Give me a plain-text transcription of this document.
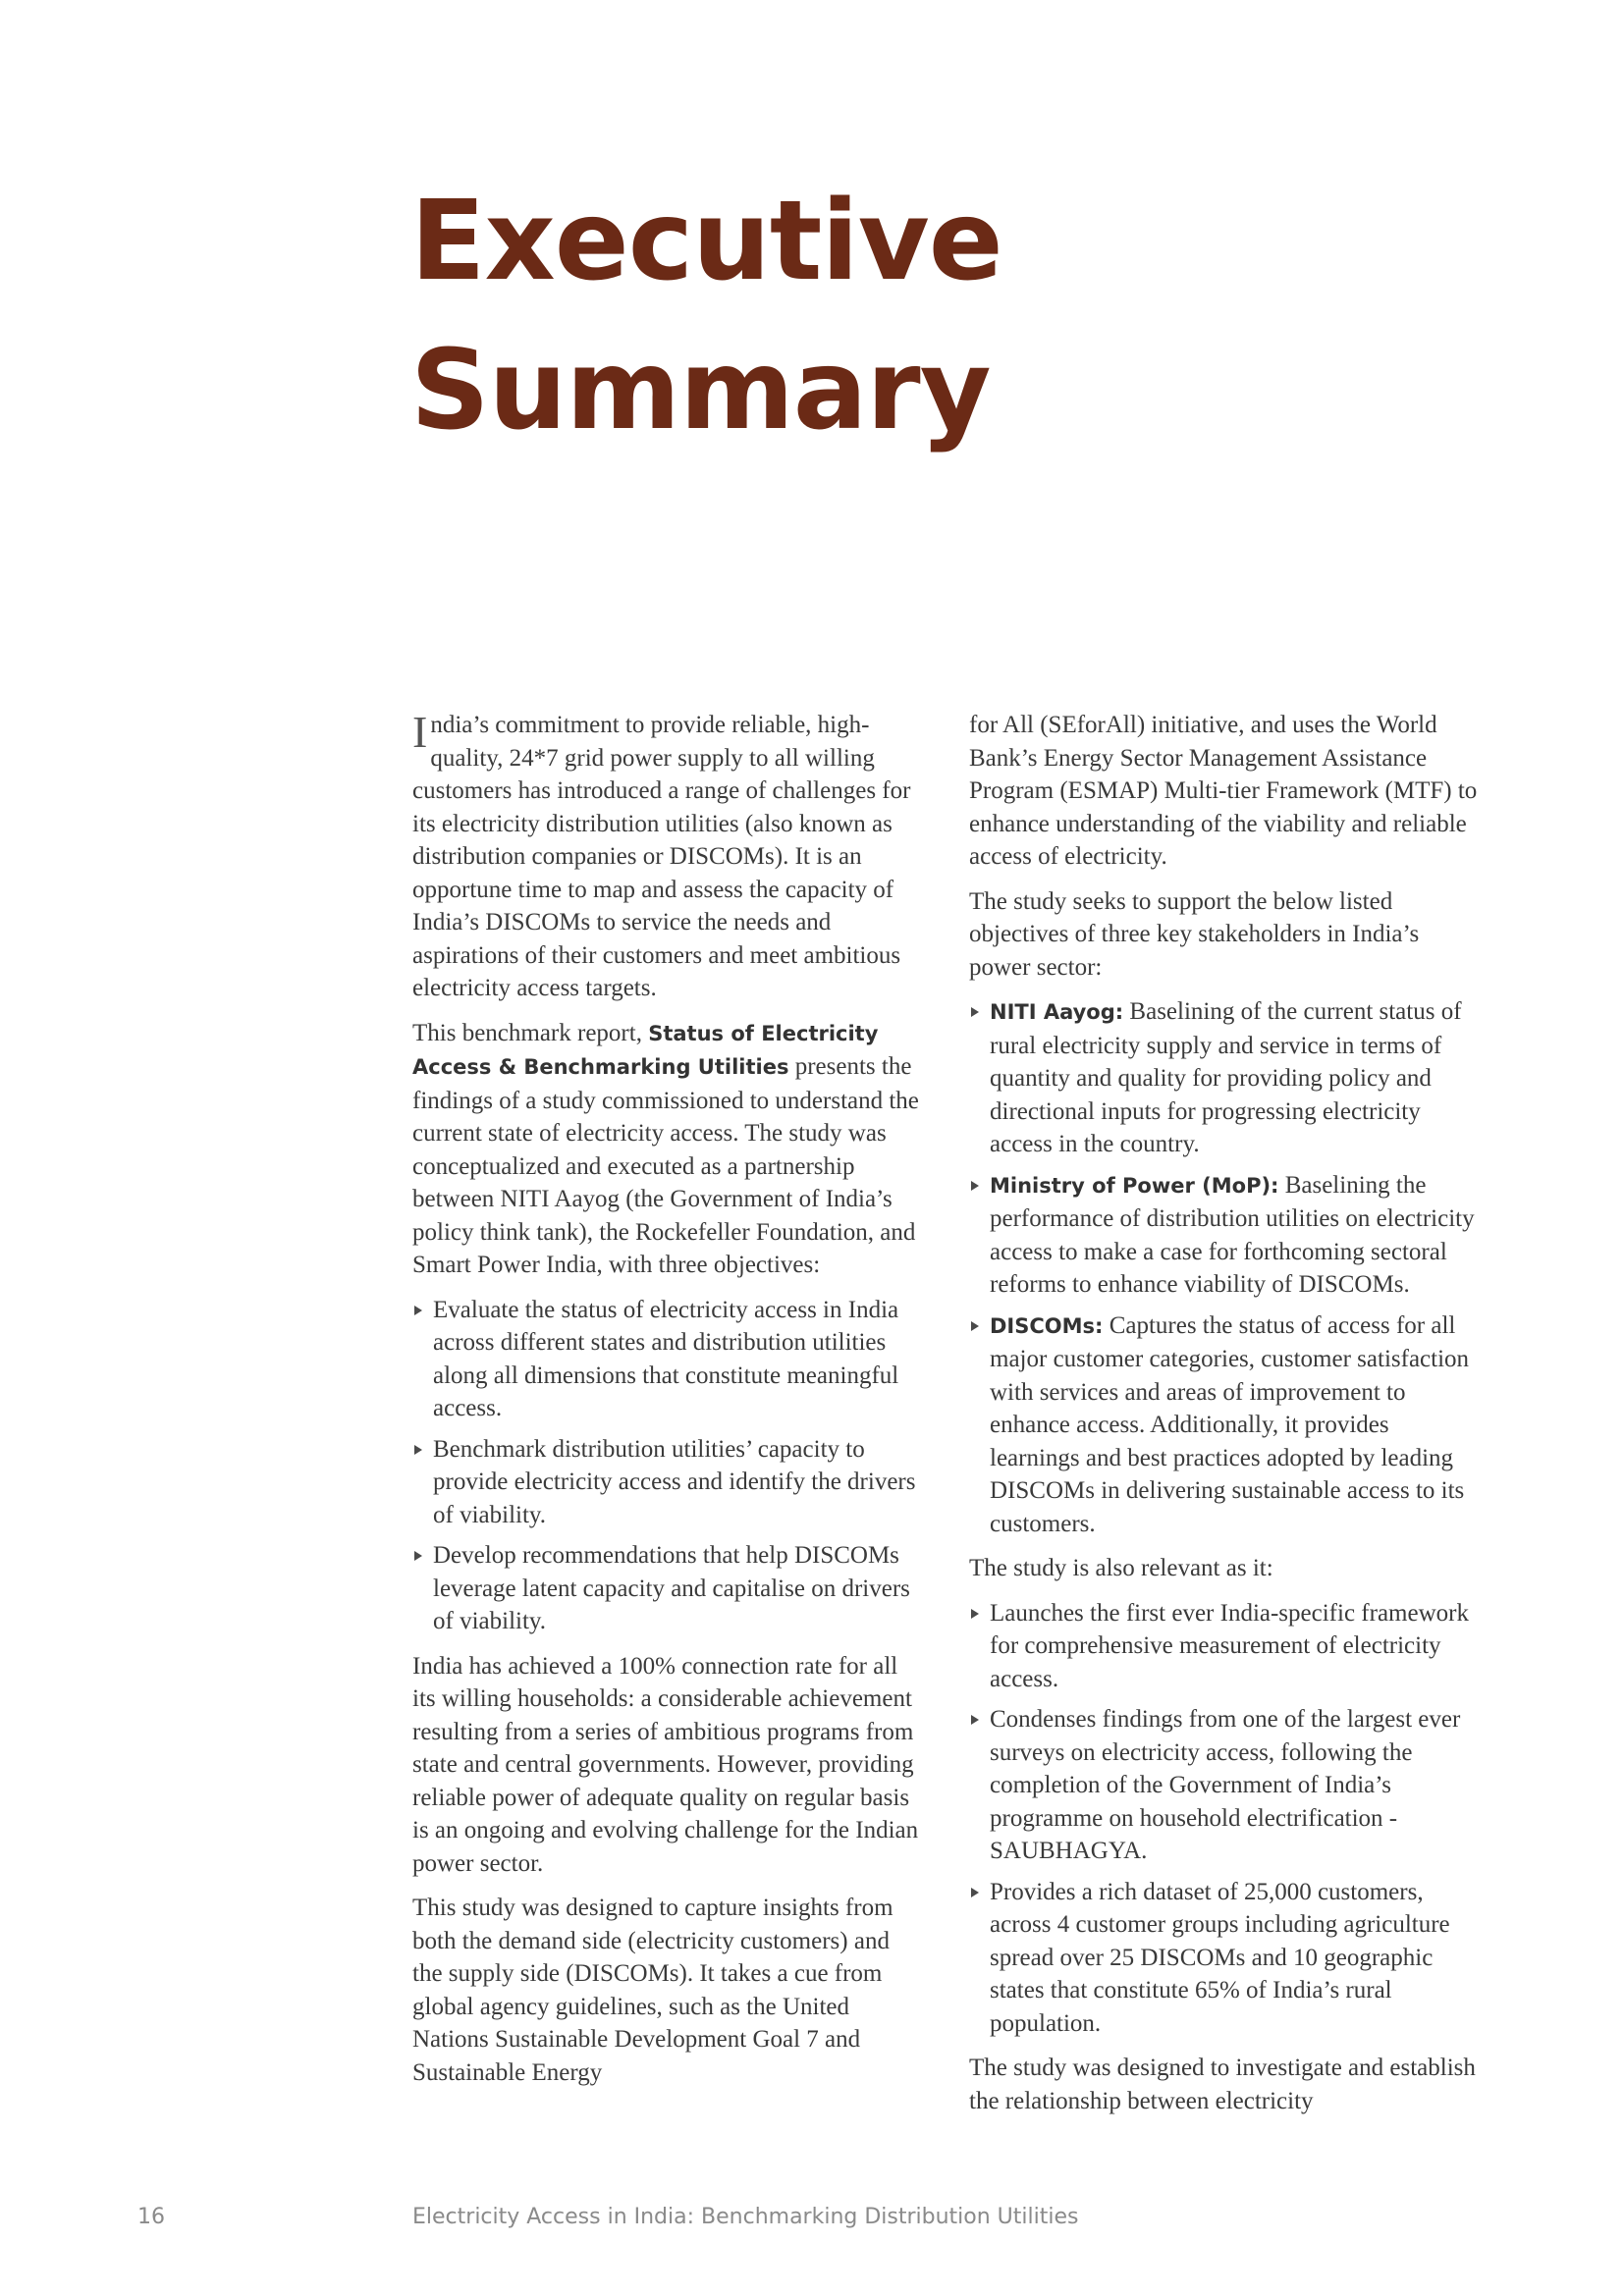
Executive
Summary

India’s commitment to provide reliable, high-quality, 24*7 grid power supply to all willing customers has introduced a range of challenges for its electricity distribution utilities (also known as distribution companies or DISCOMs). It is an opportune time to map and assess the capacity of India’s DISCOMs to service the needs and aspirations of their customers and meet ambitious electricity access targets.

This benchmark report, Status of Electricity Access & Benchmarking Utilities presents the findings of a study commissioned to understand the current state of electricity access. The study was conceptualized and executed as a partnership between NITI Aayog (the Government of India’s policy think tank), the Rockefeller Foundation, and Smart Power India, with three objectives:

Evaluate the status of electricity access in India across different states and distribution utilities along all dimensions that constitute meaningful access.
Benchmark distribution utilities’ capacity to provide electricity access and identify the drivers of viability.
Develop recommendations that help DISCOMs leverage latent capacity and capitalise on drivers of viability.

India has achieved a 100% connection rate for all its willing households: a considerable achievement resulting from a series of ambitious programs from state and central governments. However, providing reliable power of adequate quality on regular basis is an ongoing and evolving challenge for the Indian power sector.

This study was designed to capture insights from both the demand side (electricity customers) and the supply side (DISCOMs). It takes a cue from global agency guidelines, such as the United Nations Sustainable Development Goal 7 and Sustainable Energy

for All (SEforAll) initiative, and uses the World Bank’s Energy Sector Management Assistance Program (ESMAP) Multi-tier Framework (MTF) to enhance understanding of the viability and reliable access of electricity.

The study seeks to support the below listed objectives of three key stakeholders in India’s power sector:

NITI Aayog: Baselining of the current status of rural electricity supply and service in terms of quantity and quality for providing policy and directional inputs for progressing electricity access in the country.
Ministry of Power (MoP): Baselining the performance of distribution utilities on electricity access to make a case for forthcoming sectoral reforms to enhance viability of DISCOMs.
DISCOMs: Captures the status of access for all major customer categories, customer satisfaction with services and areas of improvement to enhance access. Additionally, it provides learnings and best practices adopted by leading DISCOMs in delivering sustainable access to its customers.

The study is also relevant as it:

Launches the first ever India-specific framework for comprehensive measurement of electricity access.
Condenses findings from one of the largest ever surveys on electricity access, following the completion of the Government of India’s programme on household electrification - SAUBHAGYA.
Provides a rich dataset of 25,000 customers, across 4 customer groups including agriculture spread over 25 DISCOMs and 10 geographic states that constitute 65% of India’s rural population.

The study was designed to investigate and establish the relationship between electricity

16	Electricity Access in India: Benchmarking Distribution Utilities
